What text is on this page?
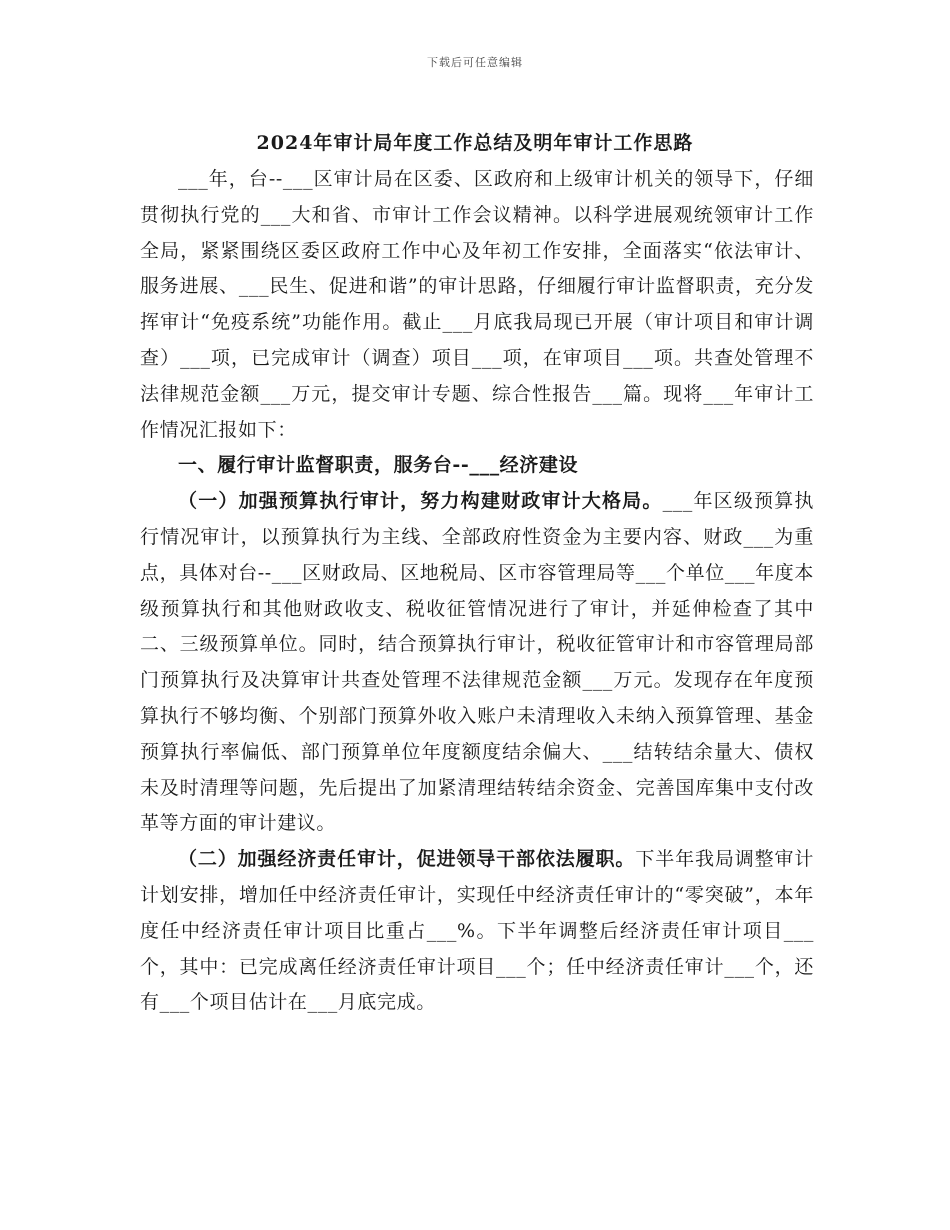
下载后可任意编辑
2024年审计局年度工作总结及明年审计工作思路

___年，台--___区审计局在区委、区政府和上级审计机关的领导下，仔细贯彻执行党的___大和省、市审计工作会议精神。以科学进展观统领审计工作全局，紧紧围绕区委区政府工作中心及年初工作安排，全面落实“依法审计、服务进展、___民生、促进和谐”的审计思路，仔细履行审计监督职责，充分发挥审计“免疫系统”功能作用。截止___月底我局现已开展（审计项目和审计调查）___项，已完成审计（调查）项目___项，在审项目___项。共查处管理不法律规范金额___万元，提交审计专题、综合性报告___篇。现将___年审计工作情况汇报如下：

一、履行审计监督职责，服务台--___经济建设

（一）加强预算执行审计，努力构建财政审计大格局。___年区级预算执行情况审计，以预算执行为主线、全部政府性资金为主要内容、财政___为重点，具体对台--___区财政局、区地税局、区市容管理局等___个单位___年度本级预算执行和其他财政收支、税收征管情况进行了审计，并延伸检查了其中二、三级预算单位。同时，结合预算执行审计，税收征管审计和市容管理局部门预算执行及决算审计共查处管理不法律规范金额___万元。发现存在年度预算执行不够均衡、个别部门预算外收入账户未清理收入未纳入预算管理、基金预算执行率偏低、部门预算单位年度额度结余偏大、___结转结余量大、债权未及时清理等问题，先后提出了加紧清理结转结余资金、完善国库集中支付改革等方面的审计建议。

（二）加强经济责任审计，促进领导干部依法履职。下半年我局调整审计计划安排，增加任中经济责任审计，实现任中经济责任审计的“零突破”，本年度任中经济责任审计项目比重占___%。下半年调整后经济责任审计项目___个，其中：已完成离任经济责任审计项目___个；任中经济责任审计___个，还有___个项目估计在___月底完成。
